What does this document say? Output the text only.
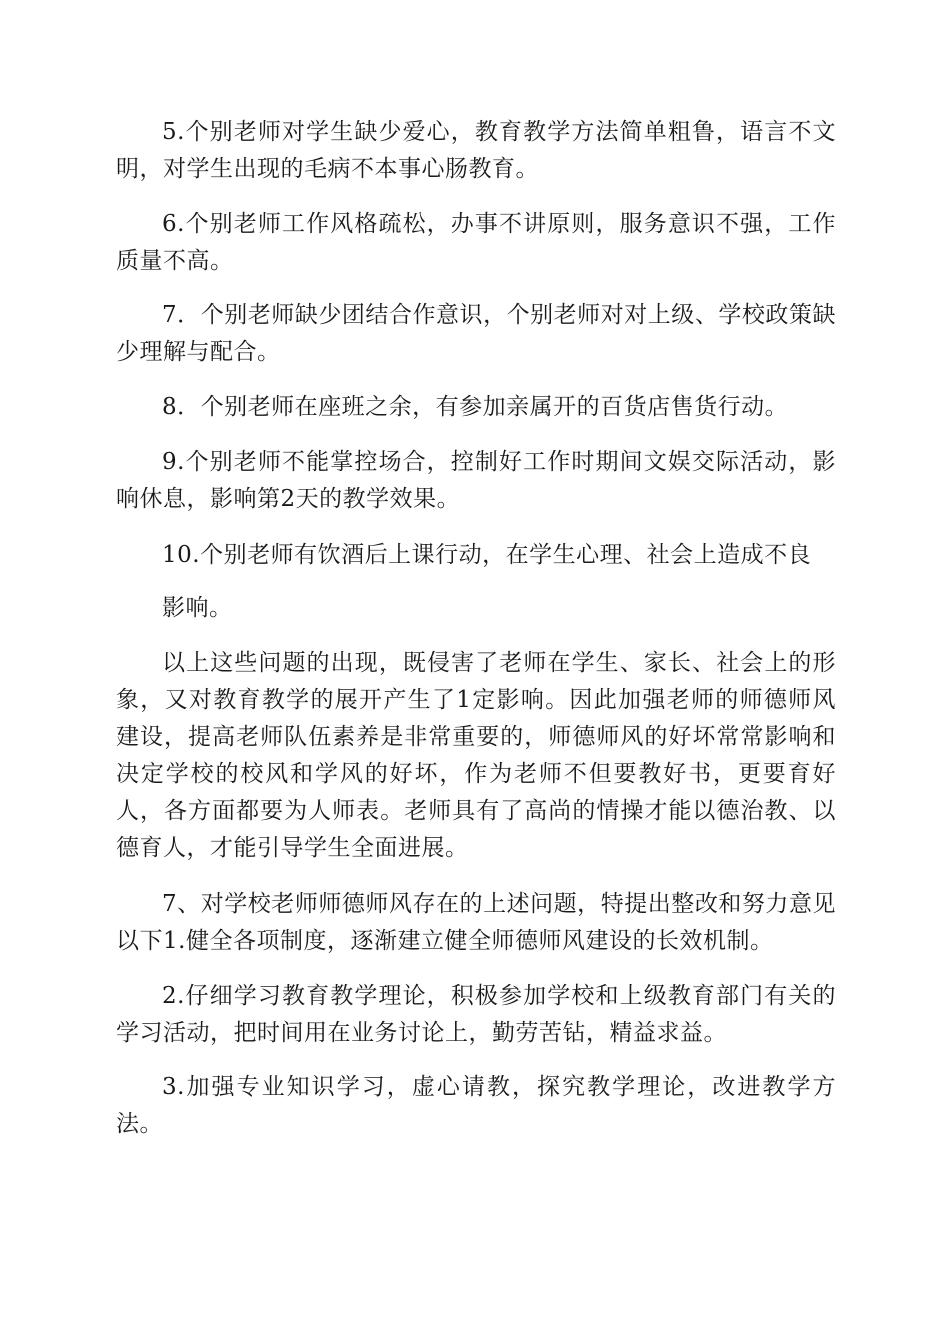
5.个别老师对学生缺少爱心，教育教学方法简单粗鲁，语言不文明，对学生出现的毛病不本事心肠教育。

6.个别老师工作风格疏松，办事不讲原则，服务意识不强，工作质量不高。

7．个别老师缺少团结合作意识，个别老师对对上级、学校政策缺少理解与配合。

8．个别老师在座班之余，有参加亲属开的百货店售货行动。

9.个别老师不能掌控场合，控制好工作时期间文娱交际活动，影响休息，影响第2天的教学效果。

10.个别老师有饮酒后上课行动，在学生心理、社会上造成不良

影响。

以上这些问题的出现，既侵害了老师在学生、家长、社会上的形象，又对教育教学的展开产生了1定影响。因此加强老师的师德师风建设，提高老师队伍素养是非常重要的，师德师风的好坏常常影响和决定学校的校风和学风的好坏，作为老师不但要教好书，更要育好人，各方面都要为人师表。老师具有了高尚的情操才能以德治教、以德育人，才能引导学生全面进展。

7、对学校老师师德师风存在的上述问题，特提出整改和努力意见以下1.健全各项制度，逐渐建立健全师德师风建设的长效机制。

2.仔细学习教育教学理论，积极参加学校和上级教育部门有关的学习活动，把时间用在业务讨论上，勤劳苦钻，精益求益。

3.加强专业知识学习，虚心请教，探究教学理论，改进教学方法。
